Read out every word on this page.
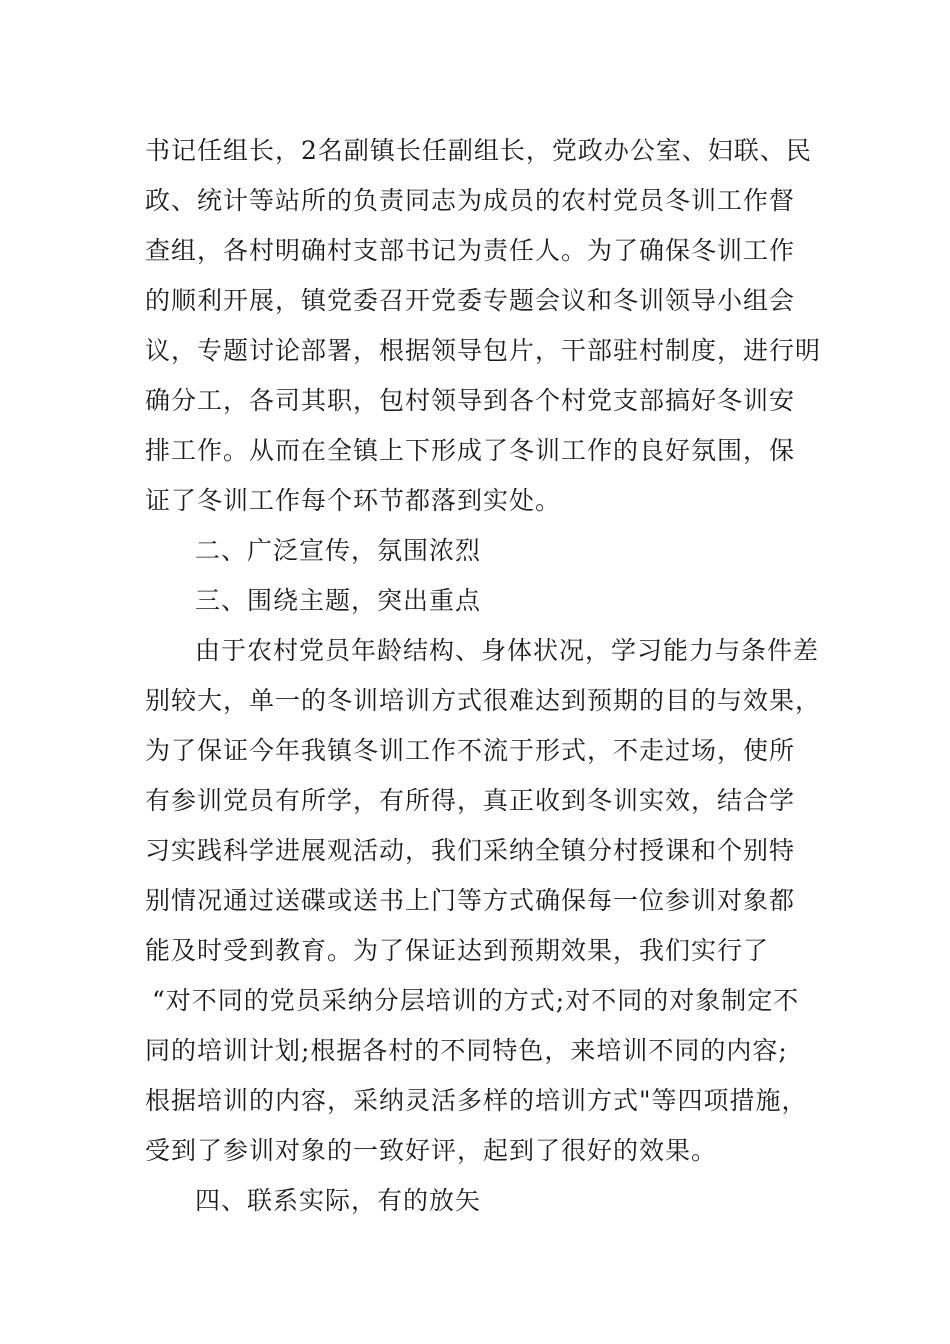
书记任组长，2名副镇长任副组长，党政办公室、妇联、民
政、统计等站所的负责同志为成员的农村党员冬训工作督
查组，各村明确村支部书记为责任人。为了确保冬训工作
的顺利开展，镇党委召开党委专题会议和冬训领导小组会
议，专题讨论部署，根据领导包片，干部驻村制度，进行明
确分工，各司其职，包村领导到各个村党支部搞好冬训安
排工作。从而在全镇上下形成了冬训工作的良好氛围，保
证了冬训工作每个环节都落到实处。
二、广泛宣传，氛围浓烈
三、围绕主题，突出重点
由于农村党员年龄结构、身体状况，学习能力与条件差
别较大，单一的冬训培训方式很难达到预期的目的与效果，
为了保证今年我镇冬训工作不流于形式，不走过场，使所
有参训党员有所学，有所得，真正收到冬训实效，结合学
习实践科学进展观活动，我们采纳全镇分村授课和个别特
别情况通过送碟或送书上门等方式确保每一位参训对象都
能及时受到教育。为了保证达到预期效果，我们实行了
“对不同的党员采纳分层培训的方式;对不同的对象制定不
同的培训计划;根据各村的不同特色，来培训不同的内容;
根据培训的内容，采纳灵活多样的培训方式"等四项措施，
受到了参训对象的一致好评，起到了很好的效果。
四、联系实际，有的放矢
